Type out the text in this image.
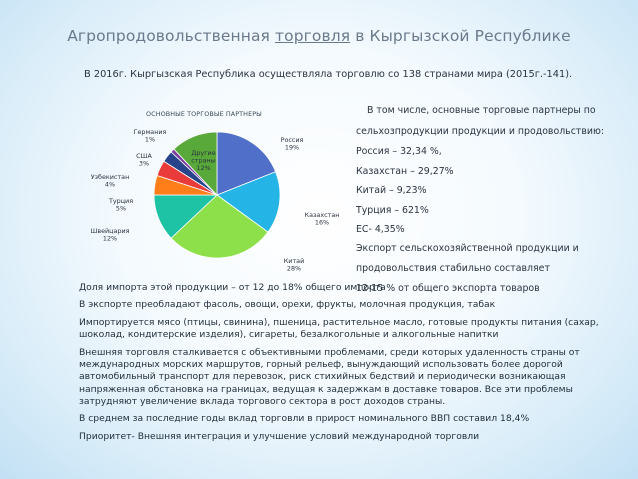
Агропродовольственная торговля в Кыргызской Республике
В 2016г. Кыргызская Республика осуществляла торговлю со 138 странами мира (2015г.-141).
ОСНОВНЫЕ ТОРГОВЫЕ ПАРТНЕРЫ
Россия
19%
Казахстан
16%
Китай
28%
Швейцария
12%
Турция
5%
Узбекистан
4%
США
3%
Германия
1%
Другие
страны
12%
В том числе, основные торговые партнеры по
сельхозпродукции продукции и продовольствию:
Россия – 32,34 %,
Казахстан – 29,27%
Китай – 9,23%
Турция – 621%
ЕС- 4,35%
Экспорт сельскохозяйственной продукции и
продовольствия стабильно составляет
12-15 % от общего экспорта товаров
Доля импорта этой продукции – от 12 до 18% общего импорта
В экспорте преобладают фасоль, овощи, орехи, фрукты, молочная продукция, табак
Импортируется мясо (птицы, свинина), пшеница, растительное масло, готовые продукты питания (сахар, шоколад, кондитерские изделия), сигареты, безалкогольные и алкогольные напитки
Внешняя торговля сталкивается с объективными проблемами, среди которых удаленность страны от международных морских маршрутов, горный рельеф, вынуждающий использовать более дорогой автомобильный транспорт для перевозок, риск стихийных бедствий и периодически возникающая напряженная обстановка на границах, ведущая к задержкам в доставке товаров. Все эти проблемы затрудняют увеличение вклада торгового сектора в рост доходов страны.
В среднем за последние годы вклад торговли в прирост номинального ВВП составил 18,4%
Приоритет- Внешняя интеграция и улучшение условий международной торговли
